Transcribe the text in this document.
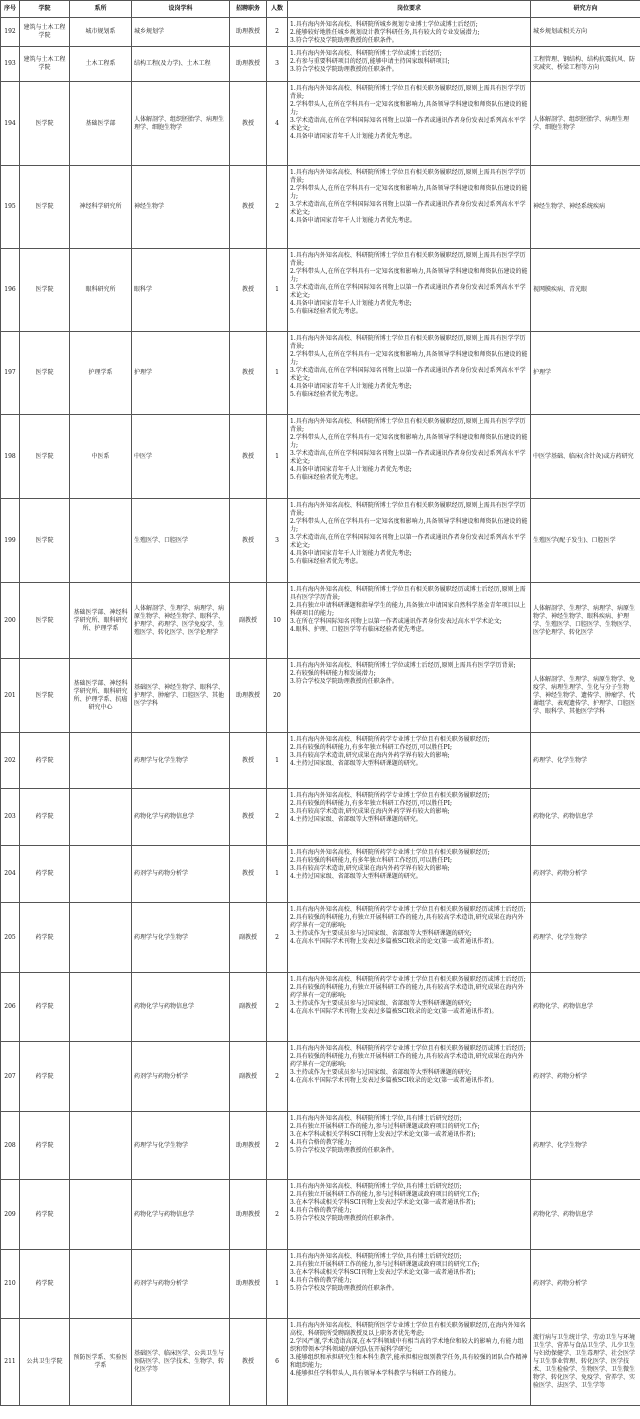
序号	学院	系所	设岗学科	招聘职务	人数	岗位要求	研究方向
192	建筑与土木工程学院	城市规划系	城乡规划学	助理教授	2	1.具有海内外知名高校、科研院所城乡规划专业博士学位或博士后经历;
2.能够较好地胜任城乡规划设计教学科研任务,具有较大的专业发展潜力;
3.符合学校及学院助理教授的任职条件。	城乡规划或相关方向
193	建筑与土木工程学院	土木工程系	结构工程(及力学)、土木工程	助理教授	3	1.具有海内外知名高校、科研院所博士学位或博士后经历;
2.有参与重要科研项目的经历,能够申请主持国家级科研项目;
3.符合学校及学院助理教授的任职条件。	工程管理、钢结构、结构抗震抗风、防灾减灾、桥梁工程等方向
194	医学院	基础医学部	人体解剖学、组织胚胎学、病理生理学、细胞生物学	教授	4	1.具有海内外知名高校、科研院所博士学位且有相关职务履职经历,原则上需具有医学学历背景;
2.学科带头人,在所在学科具有一定知名度和影响力,具备领导学科建设和师资队伍建设的能力;
3.学术造诣高,在所在学科国际知名刊物上以第一作者或通讯作者身份发表过系列高水平学术论文;
4.具备申请国家青年千人计划能力者优先考虑。	人体解剖学、组织胚胎学、病理生理学、细胞生物学
195	医学院	神经科学研究所	神经生物学	教授	2	1.具有海内外知名高校、科研院所博士学位且有相关职务履职经历,原则上需具有医学学历背景;
2.学科带头人,在所在学科具有一定知名度和影响力,具备领导学科建设和师资队伍建设的能力;
3.学术造诣高,在所在学科国际知名刊物上以第一作者或通讯作者身份发表过系列高水平学术论文;
4.具备申请国家青年千人计划能力者优先考虑。	神经生物学、神经系统疾病
196	医学院	眼科研究所	眼科学	教授	1	1.具有海内外知名高校、科研院所博士学位且有相关职务履职经历,原则上需具有医学学历背景;
2.学科带头人,在所在学科具有一定知名度和影响力,具备领导学科建设和师资队伍建设的能力;
3.学术造诣高,在所在学科国际知名刊物上以第一作者或通讯作者身份发表过系列高水平学术论文;
4.具备申请国家青年千人计划能力者优先考虑;
5.有临床经验者优先考虑。	视网膜疾病、青光眼
197	医学院	护理学系	护理学	教授	1	1.具有海内外知名高校、科研院所博士学位且有相关职务履职经历,原则上需具有医学学历背景;
2.学科带头人,在所在学科具有一定知名度和影响力,具备领导学科建设和师资队伍建设的能力;
3.学术造诣高,在所在学科国际知名刊物上以第一作者或通讯作者身份发表过系列高水平学术论文;
4.具备申请国家青年千人计划能力者优先考虑;
5.有临床经验者优先考虑。	护理学
198	医学院	中医系	中医学	教授	1	1.具有海内外知名高校、科研院所博士学位且有相关职务履职经历,原则上需具有医学学历背景;
2.学科带头人,在所在学科具有一定知名度和影响力,具备领导学科建设和师资队伍建设的能力;
3.学术造诣高,在所在学科国际知名刊物上以第一作者或通讯作者身份发表过系列高水平学术论文;
4.具备申请国家青年千人计划能力者优先考虑;
5.有临床经验者优先考虑。	中医学基础、临床(含针灸)或方药研究
199	医学院		生殖医学、口腔医学	教授	3	1.具有海内外知名高校、科研院所博士学位且有相关职务履职经历,原则上需具有医学学历背景;
2.学科带头人,在所在学科具有一定知名度和影响力,具备领导学科建设和师资队伍建设的能力;
3.学术造诣高,在所在学科国际知名刊物上以第一作者或通讯作者身份发表过系列高水平学术论文;
4.具备申请国家青年千人计划能力者优先考虑;
5.有临床经验者优先考虑。	生殖医学(配子发生)、口腔医学
200	医学院	基础医学部、神经科学研究所、眼科研究所、护理学系	人体解剖学、生理学、病理学、病原生物学、神经生物学、眼科学、护理学、药理学、医学免疫学、生殖医学、转化医学、医学伦理学	副教授	10	1.具有海内外知名高校、科研院所博士学位且有相关职务履职经历或博士后经历,原则上需具有医学学历背景;
2.具有独立申请科研课题和指导学生的能力,具备独立申请国家自然科学基金青年项目以上科研项目的能力;
3.在所在学科国际知名刊物上以第一作者或通讯作者身份发表过高水平学术论文;
4.眼科、护理、口腔医学等有临床经验者优先考虑。	人体解剖学、生理学、病理学、病原生物学、神经生物学、眼科疾病、护理学、生殖医学、口腔医学、生物医学、医学伦理学、转化医学
201	医学院	基础医学部、神经科学研究所、眼科研究所、护理学系、抗癌研究中心	基础医学、神经生物学、眼科学、护理学、肿瘤学、口腔医学、其他医学学科	助理教授	20	1.具有海内外知名高校、科研院所博士学位或博士后经历,原则上需具有医学学历背景;
2.有较强的科研能力和发展潜力;
3.符合学校及学院助理教授的任职条件。	人体解剖学、生理学、病原生物学、免疫学、病理生理学、生化与分子生物学、神经生物学、遗传学、肿瘤学、代谢组学、表观遗传学、护理学、口腔医学、眼科学、其他医学学科
202	药学院		药理学与化学生物学	教授	1	1.具有海内外知名高校、科研院所药学专业博士学位且有相关职务履职经历;
2.具有较强的科研能力,有多年独立科研工作经历,可以胜任PI;
3.具有较高学术造诣,研究成果在海内外药学界有较大的影响;
4.主持过国家级、省部级等大型科研课题的研究。	药理学、化学生物学
203	药学院		药物化学与药物信息学	教授	2	1.具有海内外知名高校、科研院所药学专业博士学位且有相关职务履职经历;
2.具有较强的科研能力,有多年独立科研工作经历,可以胜任PI;
3.具有较高学术造诣,研究成果在海内外药学界有较大的影响;
4.主持过国家级、省部级等大型科研课题的研究。	药物化学、药物信息学
204	药学院		药剂学与药物分析学	教授	1	1.具有海内外知名高校、科研院所药学专业博士学位且有相关职务履职经历;
2.具有较强的科研能力,有多年独立科研工作经历,可以胜任PI;
3.具有较高学术造诣,研究成果在海内外药学界有较大的影响;
4.主持过国家级、省部级等大型科研课题的研究。	药剂学、药物分析学
205	药学院		药理学与化学生物学	副教授	2	1.具有海内外知名高校、科研院所药学专业博士学位且有相关职务履职经历或博士后经历;
2.具有较强的科研能力,有独立开展科研工作的能力,具有较高学术造诣,研究成果在海内外药学界有一定的影响;
3.主持或作为主要成员参与过国家级、省部级等大型科研课题的研究;
4.在高水平国际学术刊物上发表过多篇被SCI收录的论文(第一或者通讯作者)。	药理学、化学生物学
206	药学院		药物化学与药物信息学	副教授	2	1.具有海内外知名高校、科研院所药学专业博士学位且有相关职务履职经历或博士后经历;
2.具有较强的科研能力,有独立开展科研工作的能力,具有较高学术造诣,研究成果在海内外药学界有一定的影响;
3.主持或作为主要成员参与过国家级、省部级等大型科研课题的研究;
4.在高水平国际学术刊物上发表过多篇被SCI收录的论文(第一或者通讯作者)。	药物化学、药物信息学
207	药学院		药剂学与药物分析学	副教授	2	1.具有海内外知名高校、科研院所药学专业博士学位且有相关职务履职经历或博士后经历;
2.具有较强的科研能力,有独立开展科研工作的能力,具有较高学术造诣,研究成果在海内外药学界有一定的影响;
3.主持或作为主要成员参与过国家级、省部级等大型科研课题的研究;
4.在高水平国际学术刊物上发表过多篇被SCI收录的论文(第一或者通讯作者)。	药剂学、药物分析学
208	药学院		药理学与化学生物学	助理教授	2	1.具有海内外知名高校、科研院所博士学位,具有博士后研究经历;
2.具有独立开展科研工作的能力,参与过科研课题或政府项目的研究工作;
3.在本学科或相关学科SCI刊物上发表过学术论文(第一或者通讯作者);
4.具有合格的教学能力;
5.符合学校及学院助理教授的任职条件。	药理学、化学生物学
209	药学院		药物化学与药物信息学	助理教授	2	1.具有海内外知名高校、科研院所博士学位,具有博士后研究经历;
2.具有独立开展科研工作的能力,参与过科研课题或政府项目的研究工作;
3.在本学科或相关学科SCI刊物上发表过学术论文(第一或者通讯作者);
4.具有合格的教学能力;
5.符合学校及学院助理教授的任职条件。	药物化学、药物信息学
210	药学院		药剂学与药物分析学	助理教授	1	1.具有海内外知名高校、科研院所博士学位,具有博士后研究经历;
2.具有独立开展科研工作的能力,参与过科研课题或政府项目的研究工作;
3.在本学科或相关学科SCI刊物上发表过学术论文(第一或者通讯作者);
4.具有合格的教学能力;
5.符合学校及学院助理教授的任职条件。	药剂学、药物分析学
211	公共卫生学院	预防医学系、实验医学系	基础医学、临床医学、公共卫生与预防医学、医学技术、生物学、转化医学等	教授	6	1.具有海内外知名高校、科研院所医学专业博士学位且有相关职务履职经历,在海内外知名高校、科研院所受聘副教授及以上职务者优先考虑;
2.学风严谨,学术造诣高深,在本学科领域中有相当高的学术地位和较大的影响力,有能力组织和带领本学科领域的研究队伍开展科学研究;
3.能够组织和承担研究生和本科生教学,能承担相应级别教学任务,具有较强的团队合作精神和组织能力;
4.能够担任学科带头人,具有领导本学科教学与科研工作的能力。	流行病与卫生统计学、劳动卫生与环境卫生学、营养与食品卫生学、儿少卫生与妇幼保健学、卫生毒理学、社会医学与卫生事业管理、转化医学、医学技术、卫生检验学、生物医学、卫生微生物学、转化医学、免疫学、营养学、实验医学、法医学、卫生学等
